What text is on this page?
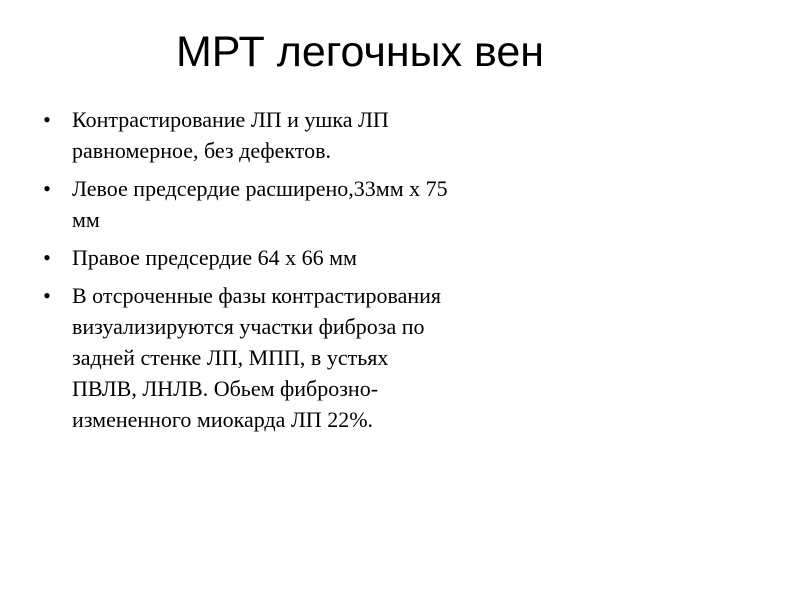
МРТ легочных вен
• Контрастирование ЛП и ушка ЛП
равномерное, без дефектов.
• Левое предсердие расширено,33мм х 75
мм
• Правое предсердие 64 х 66 мм
• В отсроченные фазы контрастирования
визуализируются участки фиброза по
задней стенке ЛП, МПП, в устьях
ПВЛВ, ЛНЛВ. Обьем фиброзно-
измененного миокарда ЛП 22%.
